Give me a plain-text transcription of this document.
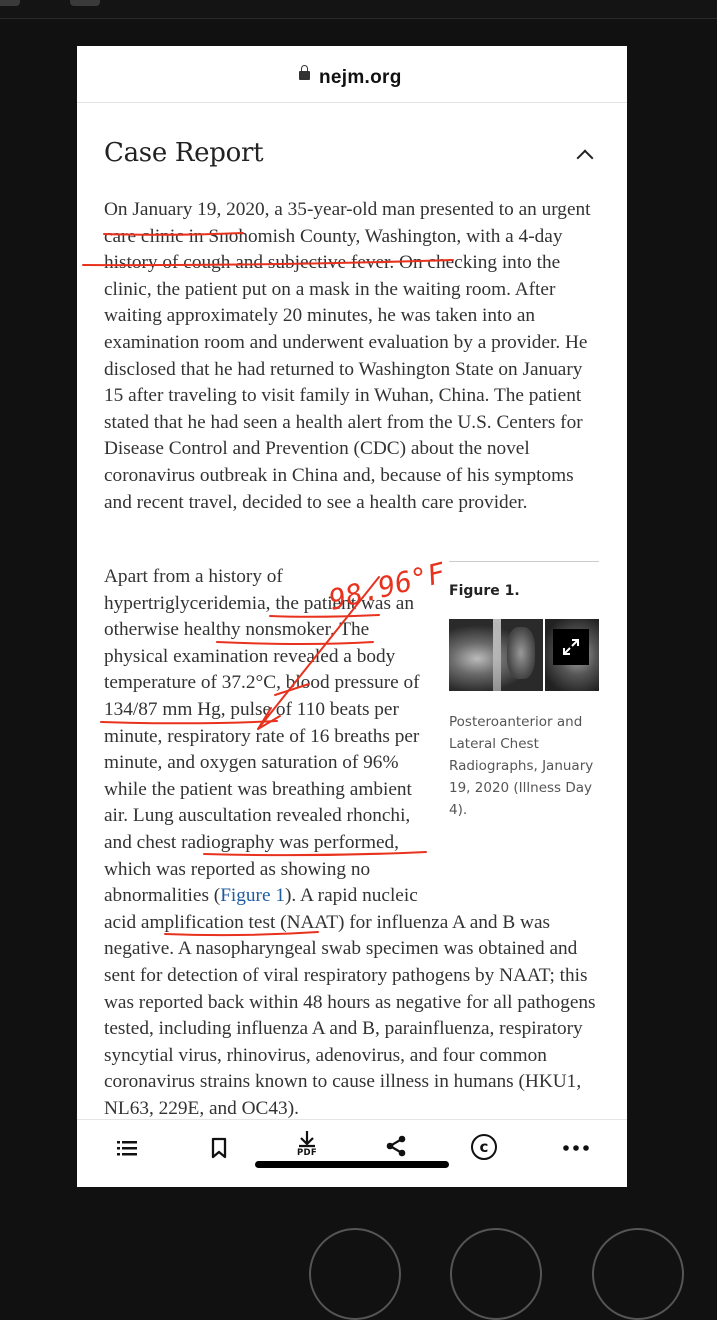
nejm.org
Case Report

On January 19, 2020, a 35-year-old man presented to an urgent care clinic in Snohomish County, Washington, with a 4-day history of cough and subjective fever. On checking into the clinic, the patient put on a mask in the waiting room. After waiting approximately 20 minutes, he was taken into an examination room and underwent evaluation by a provider. He disclosed that he had returned to Washington State on January 15 after traveling to visit family in Wuhan, China. The patient stated that he had seen a health alert from the U.S. Centers for Disease Control and Prevention (CDC) about the novel coronavirus outbreak in China and, because of his symptoms and recent travel, decided to see a health care provider.

Apart from a history of hypertriglyceridemia, the patient was an otherwise healthy nonsmoker. The physical examination revealed a body temperature of 37.2°C, blood pressure of 134/87 mm Hg, pulse of 110 beats per minute, respiratory rate of 16 breaths per minute, and oxygen saturation of 96% while the patient was breathing ambient air. Lung auscultation revealed rhonchi, and chest radiography was performed, which was reported as showing no abnormalities (Figure 1). A rapid nucleic acid amplification test (NAAT) for influenza A and B was negative. A nasopharyngeal swab specimen was obtained and sent for detection of viral respiratory pathogens by NAAT; this was reported back within 48 hours as negative for all pathogens tested, including influenza A and B, parainfluenza, respiratory syncytial virus, rhinovirus, adenovirus, and four common coronavirus strains known to cause illness in humans (HKU1, NL63, 229E, and OC43).

Figure 1.
Posteroanterior and Lateral Chest Radiographs, January 19, 2020 (Illness Day 4).
98.96°F
PDF	c
